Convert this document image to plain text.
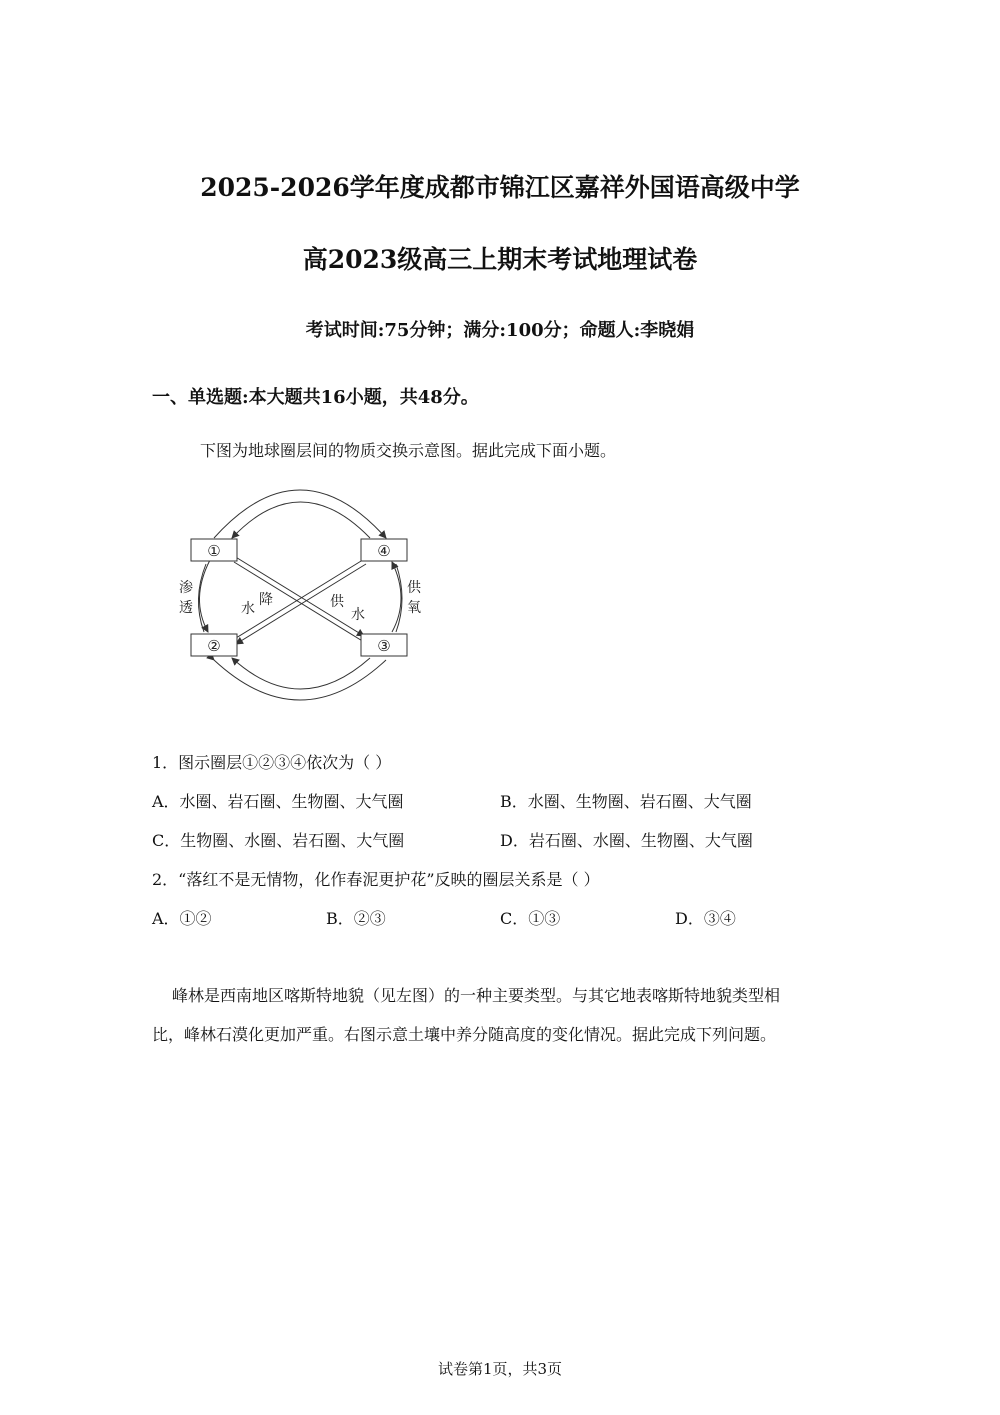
2025-2026学年度成都市锦江区嘉祥外国语高级中学
高2023级高三上期末考试地理试卷
考试时间:75分钟；满分:100分；命题人:李晓娟
一、单选题:本大题共16小题，共48分。
下图为地球圈层间的物质交换示意图。据此完成下面小题。
①	④
②	③
渗
透
供
氧
水
降	供
水
1．图示圈层①②③④依次为（ ）
A．水圈、岩石圈、生物圈、大气圈	B．水圈、生物圈、岩石圈、大气圈
C．生物圈、水圈、岩石圈、大气圈	D．岩石圈、水圈、生物圈、大气圈
2．“落红不是无情物，化作春泥更护花”反映的圈层关系是（ ）
A．①②	B．②③	C．①③	D．③④
峰林是西南地区喀斯特地貌（见左图）的一种主要类型。与其它地表喀斯特地貌类型相
比，峰林石漠化更加严重。右图示意土壤中养分随高度的变化情况。据此完成下列问题。
试卷第1页，共3页
